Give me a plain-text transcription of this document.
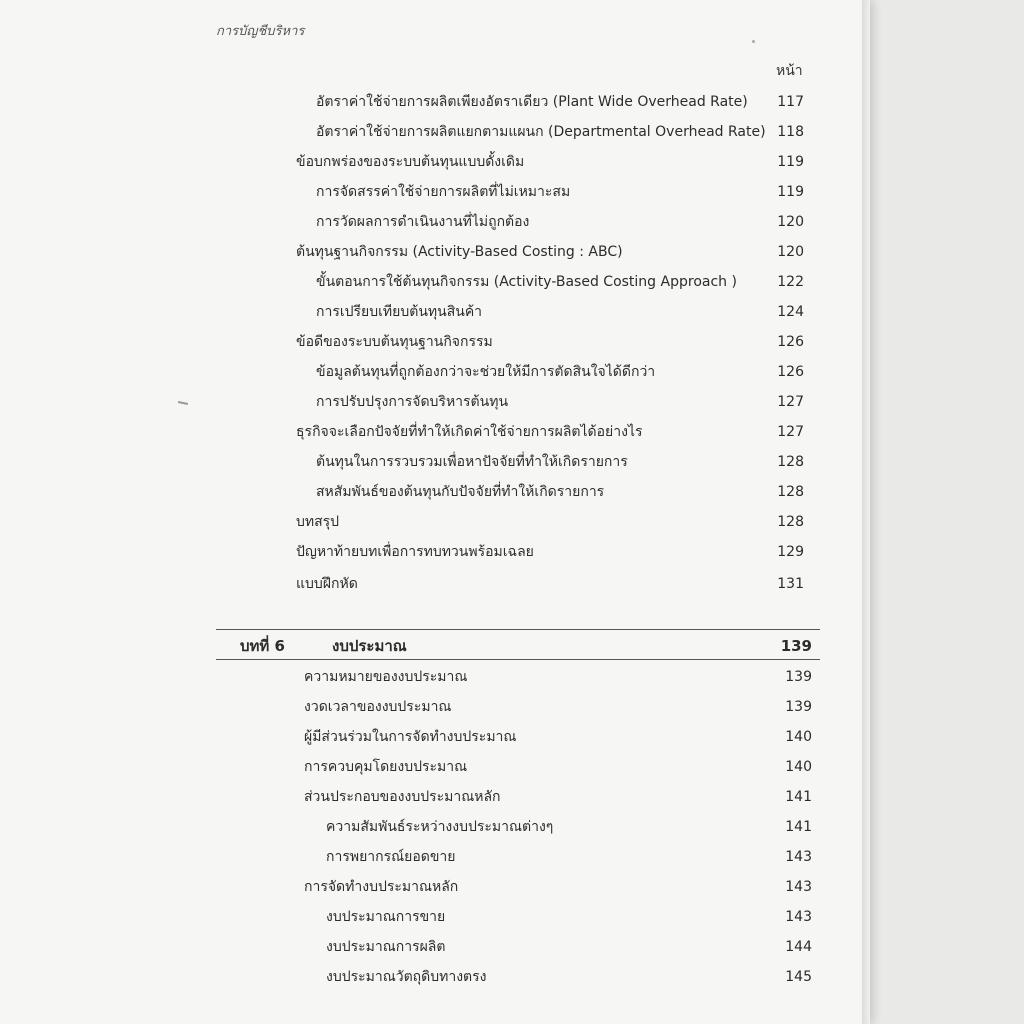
การบัญชีบริหาร
หน้า
อัตราค่าใช้จ่ายการผลิตเพียงอัตราเดียว (Plant Wide Overhead Rate)	117
อัตราค่าใช้จ่ายการผลิตแยกตามแผนก (Departmental Overhead Rate) 118
ข้อบกพร่องของระบบต้นทุนแบบดั้งเดิม	119
การจัดสรรค่าใช้จ่ายการผลิตที่ไม่เหมาะสม	119
การวัดผลการดำเนินงานที่ไม่ถูกต้อง	120
ต้นทุนฐานกิจกรรม (Activity-Based Costing : ABC)	120
ขั้นตอนการใช้ต้นทุนกิจกรรม (Activity-Based Costing Approach )	122
การเปรียบเทียบต้นทุนสินค้า	124
ข้อดีของระบบต้นทุนฐานกิจกรรม	126
ข้อมูลต้นทุนที่ถูกต้องกว่าจะช่วยให้มีการตัดสินใจได้ดีกว่า	126
การปรับปรุงการจัดบริหารต้นทุน	127
ธุรกิจจะเลือกปัจจัยที่ทำให้เกิดค่าใช้จ่ายการผลิตได้อย่างไร	127
ต้นทุนในการรวบรวมเพื่อหาปัจจัยที่ทำให้เกิดรายการ	128
สหสัมพันธ์ของต้นทุนกับปัจจัยที่ทำให้เกิดรายการ	128
บทสรุป	128
ปัญหาท้ายบทเพื่อการทบทวนพร้อมเฉลย	129
แบบฝึกหัด	131
บทที่ 6	งบประมาณ	139
ความหมายของงบประมาณ	139
งวดเวลาของงบประมาณ	139
ผู้มีส่วนร่วมในการจัดทำงบประมาณ	140
การควบคุมโดยงบประมาณ	140
ส่วนประกอบของงบประมาณหลัก	141
ความสัมพันธ์ระหว่างงบประมาณต่างๆ	141
การพยากรณ์ยอดขาย	143
การจัดทำงบประมาณหลัก	143
งบประมาณการขาย	143
งบประมาณการผลิต	144
งบประมาณวัตถุดิบทางตรง	145
